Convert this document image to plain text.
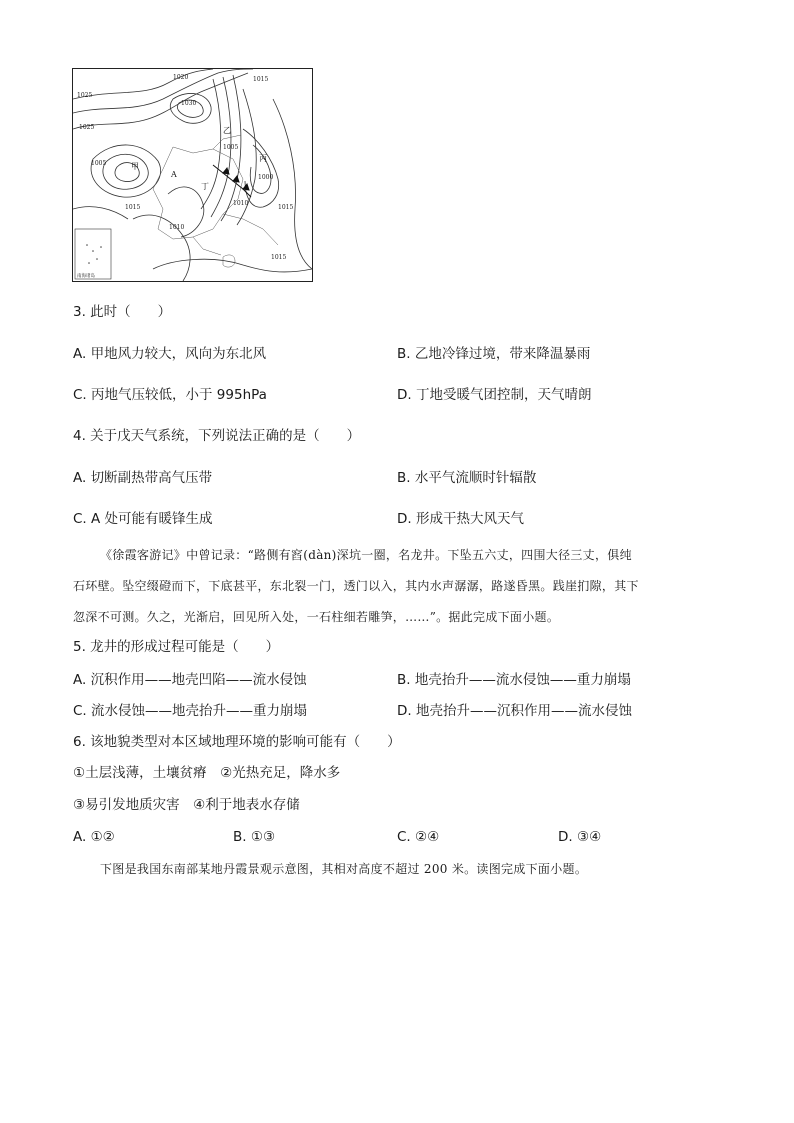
1025
1020
1030
1015
1025
1000
1010
1005
1005
1015	1015
1010
1015
甲
乙
丙
丁
A
南海诸岛
3. 此时（　　）
A. 甲地风力较大，风向为东北风	B. 乙地冷锋过境，带来降温暴雨
C. 丙地气压较低，小于 995hPa	D. 丁地受暖气团控制，天气晴朗
4. 关于戊天气系统，下列说法正确的是（　　）
A. 切断副热带高气压带	B. 水平气流顺时针辐散
C. A 处可能有暖锋生成	D. 形成干热大风天气
《徐霞客游记》中曾记录：“路侧有窞(dàn)深坑一圈，名龙井。下坠五六丈，四围大径三丈，俱纯
石环壁。坠空缀磴而下，下底甚平，东北裂一门，透门以入，其内水声潺潺，路遂昏黑。践崖扪隙，其下
忽深不可测。久之，光渐启，回见所入处，一石柱细若雕笋，……”。据此完成下面小题。
5. 龙井的形成过程可能是（　　）
A. 沉积作用——地壳凹陷——流水侵蚀	B. 地壳抬升——流水侵蚀——重力崩塌
C. 流水侵蚀——地壳抬升——重力崩塌	D. 地壳抬升——沉积作用——流水侵蚀
6. 该地貌类型对本区域地理环境的影响可能有（　　）
①土层浅薄，土壤贫瘠　②光热充足，降水多
③易引发地质灾害　④利于地表水存储
A. ①②	B. ①③	C. ②④	D. ③④
下图是我国东南部某地丹霞景观示意图，其相对高度不超过 200 米。读图完成下面小题。
